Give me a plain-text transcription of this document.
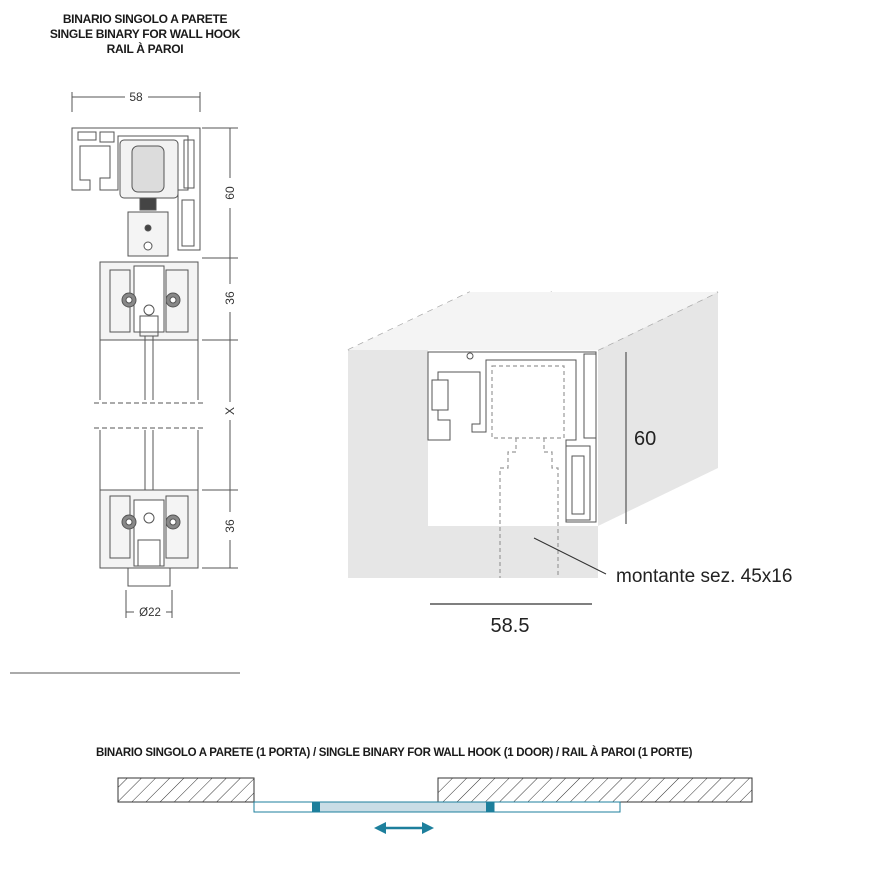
BINARIO SINGOLO A PARETE
SINGLE BINARY FOR WALL HOOK
RAIL À PAROI
58
60
36
X
36
Ø22
60
58.5
montante sez. 45x16
BINARIO SINGOLO A PARETE (1 PORTA) / SINGLE BINARY FOR WALL HOOK (1 DOOR) / RAIL À PAROI (1 PORTE)
